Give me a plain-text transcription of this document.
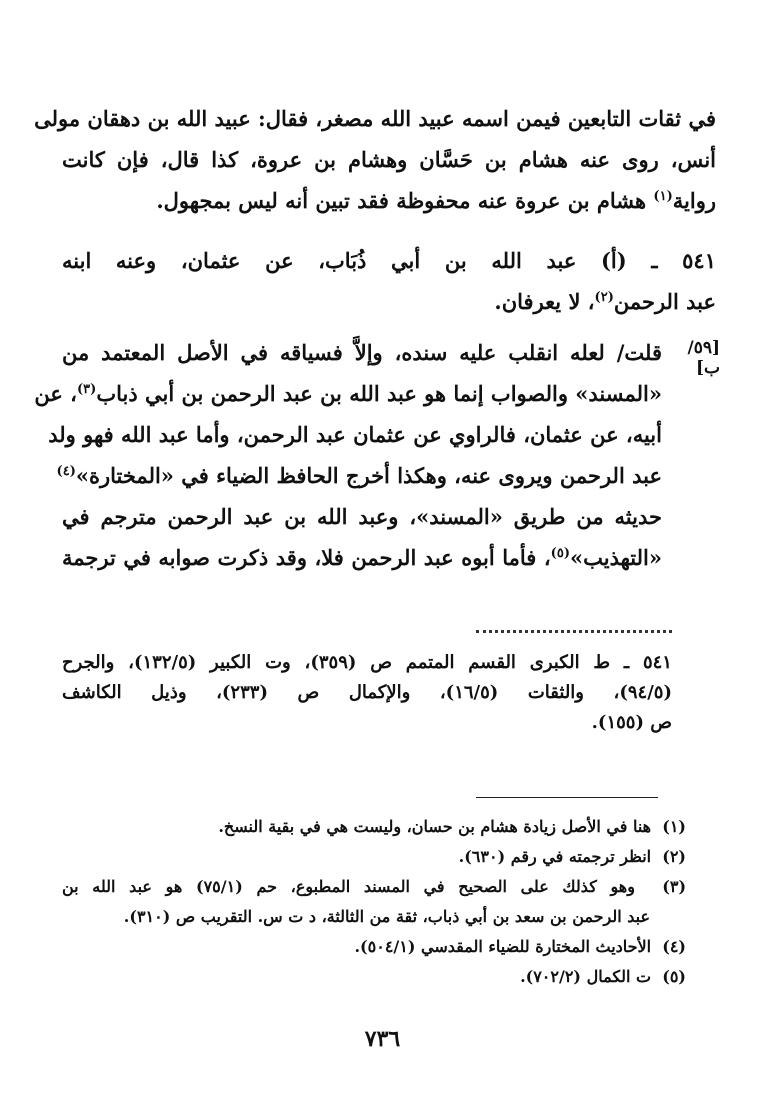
في ثقات التابعين فيمن اسمه عبيد الله مصغر، فقال: عبيد الله بن دهقان مولى
أنس، روى عنه هشام بن حَسَّان وهشام بن عروة، كذا قال، فإن كانت
رواية$^{(١)}$ هشام بن عروة عنه محفوظة فقد تبين أنه ليس بمجهول.
٥٤١ ـ (أ) عبد الله بن أبي ذُبَاب، عن عثمان، وعنه ابنه
عبد الرحمن$^{(٢)}$، لا يعرفان.
[٥٩/ب]
قلت/ لعله انقلب عليه سنده، وإلاَّ فسياقه في الأصل المعتمد من
«المسند» والصواب إنما هو عبد الله بن عبد الرحمن بن أبي ذباب$^{(٣)}$، عن
أبيه، عن عثمان، فالراوي عن عثمان عبد الرحمن، وأما عبد الله فهو ولد
عبد الرحمن ويروى عنه، وهكذا أخرج الحافظ الضياء في «المختارة»$^{(٤)}$
حديثه من طريق «المسند»، وعبد الله بن عبد الرحمن مترجم في
«التهذيب»$^{(٥)}$، فأما أبوه عبد الرحمن فلا، وقد ذكرت صوابه في ترجمة
٥٤١ ـ ط الكبرى القسم المتمم ص (٣٥٩)، وت الكبير (١٣٢/٥)، والجرح
(٩٤/٥)، والثقات (١٦/٥)، والإكمال ص (٢٣٣)، وذيل الكاشف
ص (١٥٥).
(١)  هنا في الأصل زيادة هشام بن حسان، وليست هي في بقية النسخ.
(٢)  انظر ترجمته في رقم (٦٣٠).
(٣)  وهو كذلك على الصحيح في المسند المطبوع، حم (٧٥/١) هو عبد الله بن
عبد الرحمن بن سعد بن أبي ذباب، ثقة من الثالثة، د ت س. التقريب ص (٣١٠).
(٤)  الأحاديث المختارة للضياء المقدسي (٥٠٤/١).
(٥)  ت الكمال (٧٠٢/٢).
٧٣٦
